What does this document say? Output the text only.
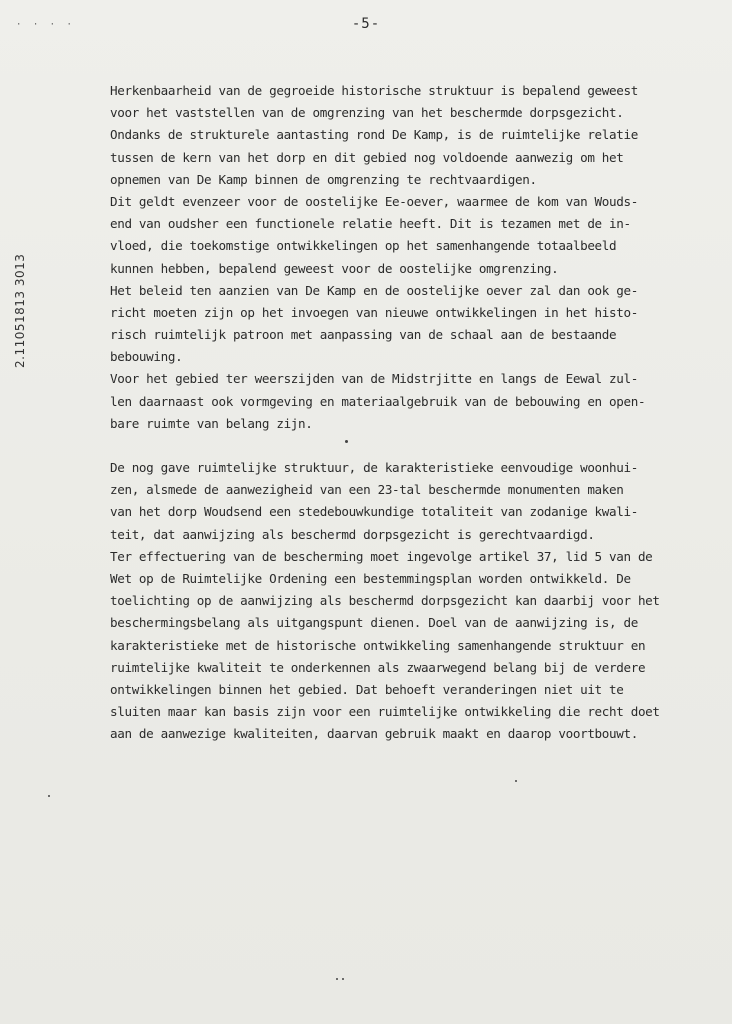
· · · ·	-5-
2.11051813 3013
Herkenbaarheid van de gegroeide historische struktuur is bepalend geweest
voor het vaststellen van de omgrenzing van het beschermde dorpsgezicht.
Ondanks de strukturele aantasting rond De Kamp, is de ruimtelijke relatie
tussen de kern van het dorp en dit gebied nog voldoende aanwezig om het
opnemen van De Kamp binnen de omgrenzing te rechtvaardigen.
Dit geldt evenzeer voor de oostelijke Ee-oever, waarmee de kom van Wouds-
end van oudsher een functionele relatie heeft. Dit is tezamen met de in-
vloed, die toekomstige ontwikkelingen op het samenhangende totaalbeeld
kunnen hebben, bepalend geweest voor de oostelijke omgrenzing.
Het beleid ten aanzien van De Kamp en de oostelijke oever zal dan ook ge-
richt moeten zijn op het invoegen van nieuwe ontwikkelingen in het histo-
risch ruimtelijk patroon met aanpassing van de schaal aan de bestaande
bebouwing.
Voor het gebied ter weerszijden van de Midstrjitte en langs de Eewal zul-
len daarnaast ook vormgeving en materiaalgebruik van de bebouwing en open-
bare ruimte van belang zijn.
De nog gave ruimtelijke struktuur, de karakteristieke eenvoudige woonhui-
zen, alsmede de aanwezigheid van een 23-tal beschermde monumenten maken
van het dorp Woudsend een stedebouwkundige totaliteit van zodanige kwali-
teit, dat aanwijzing als beschermd dorpsgezicht is gerechtvaardigd.
Ter effectuering van de bescherming moet ingevolge artikel 37, lid 5 van de
Wet op de Ruimtelijke Ordening een bestemmingsplan worden ontwikkeld. De
toelichting op de aanwijzing als beschermd dorpsgezicht kan daarbij voor het
beschermingsbelang als uitgangspunt dienen. Doel van de aanwijzing is, de
karakteristieke met de historische ontwikkeling samenhangende struktuur en
ruimtelijke kwaliteit te onderkennen als zwaarwegend belang bij de verdere
ontwikkelingen binnen het gebied. Dat behoeft veranderingen niet uit te
sluiten maar kan basis zijn voor een ruimtelijke ontwikkeling die recht doet
aan de aanwezige kwaliteiten, daarvan gebruik maakt en daarop voortbouwt.
